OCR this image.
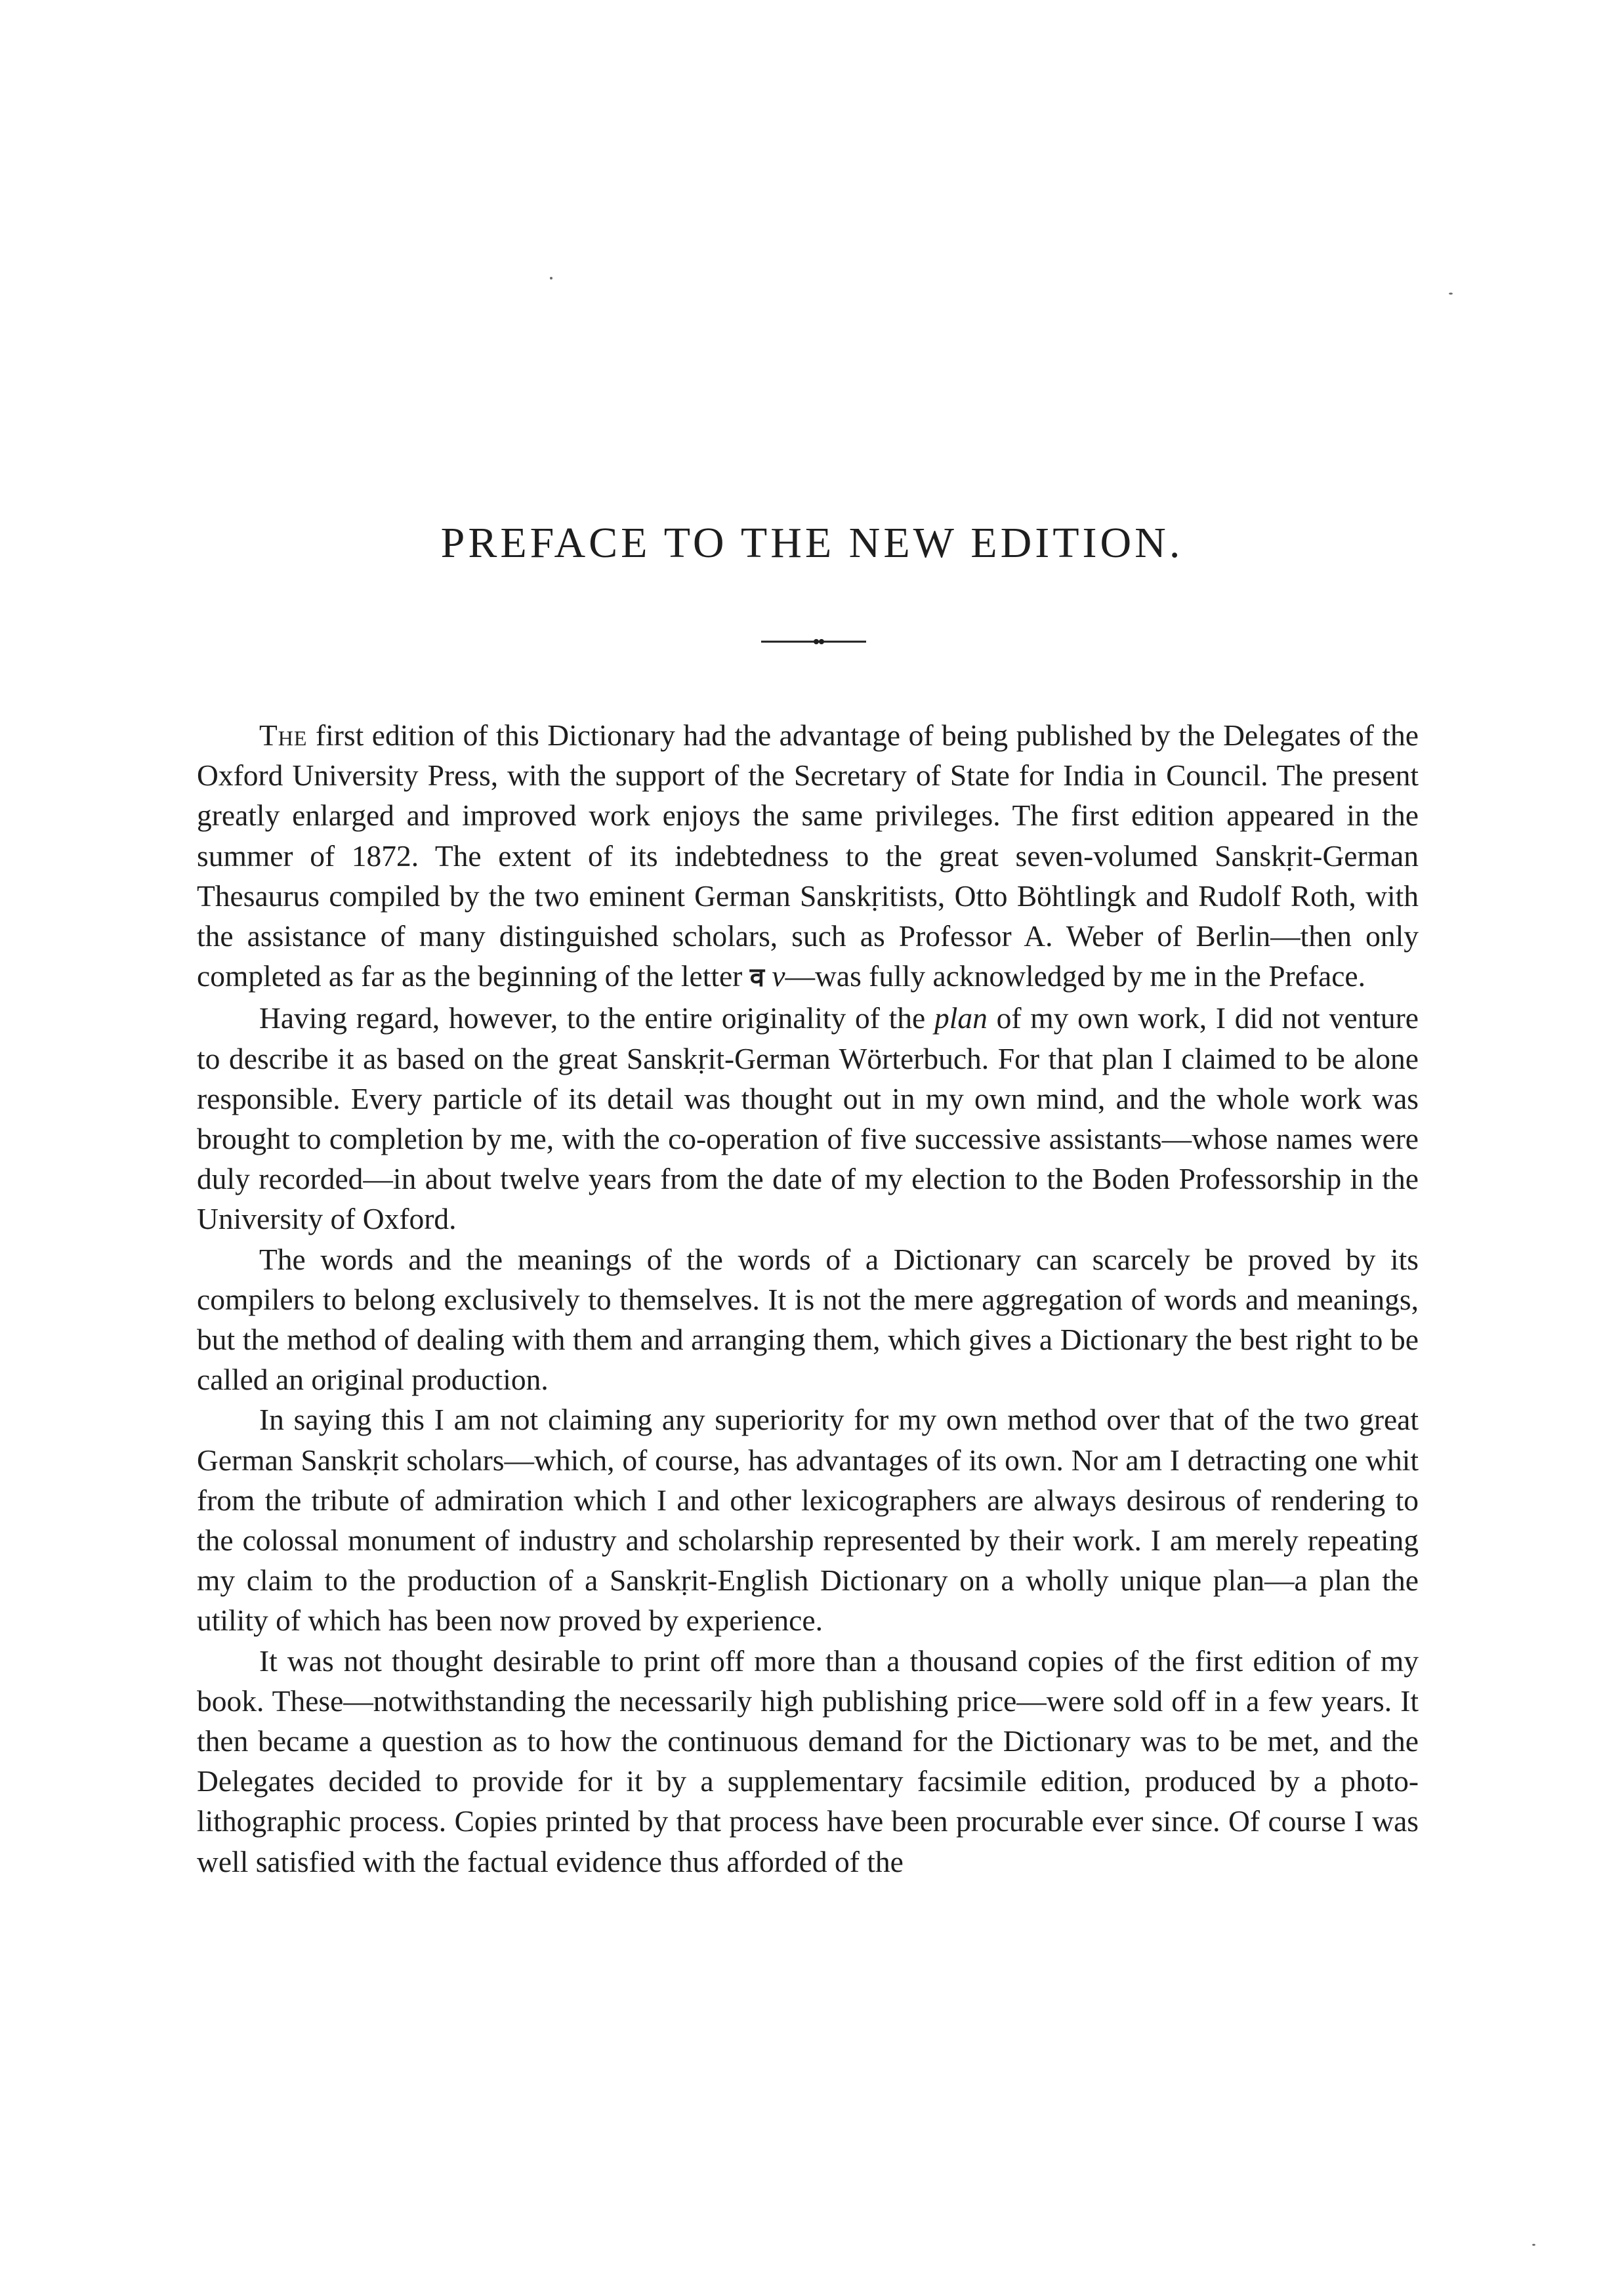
PREFACE TO THE NEW EDITION.

The first edition of this Dictionary had the advantage of being published by the Delegates of the Oxford University Press, with the support of the Secretary of State for India in Council. The present greatly enlarged and improved work enjoys the same privileges. The first edition appeared in the summer of 1872. The extent of its indebtedness to the great seven-volumed Sanskṛit-German Thesaurus compiled by the two eminent German Sanskṛitists, Otto Böhtlingk and Rudolf Roth, with the assistance of many distinguished scholars, such as Professor A. Weber of Berlin—then only completed as far as the beginning of the letter व v—was fully acknowledged by me in the Preface.

Having regard, however, to the entire originality of the plan of my own work, I did not venture to describe it as based on the great Sanskṛit-German Wörterbuch. For that plan I claimed to be alone responsible. Every particle of its detail was thought out in my own mind, and the whole work was brought to completion by me, with the co-operation of five successive assistants—whose names were duly recorded—in about twelve years from the date of my election to the Boden Professorship in the University of Oxford.

The words and the meanings of the words of a Dictionary can scarcely be proved by its compilers to belong exclusively to themselves. It is not the mere aggregation of words and meanings, but the method of dealing with them and arranging them, which gives a Dictionary the best right to be called an original production.

In saying this I am not claiming any superiority for my own method over that of the two great German Sanskṛit scholars—which, of course, has advantages of its own. Nor am I detracting one whit from the tribute of admiration which I and other lexicographers are always desirous of rendering to the colossal monument of industry and scholarship represented by their work. I am merely repeating my claim to the production of a Sanskṛit-English Dictionary on a wholly unique plan—a plan the utility of which has been now proved by experience.

It was not thought desirable to print off more than a thousand copies of the first edition of my book. These—notwithstanding the necessarily high publishing price—were sold off in a few years. It then became a question as to how the continuous demand for the Dictionary was to be met, and the Delegates decided to provide for it by a supplementary facsimile edition, produced by a photo-lithographic process. Copies printed by that process have been procurable ever since. Of course I was well satisfied with the factual evidence thus afforded of the
